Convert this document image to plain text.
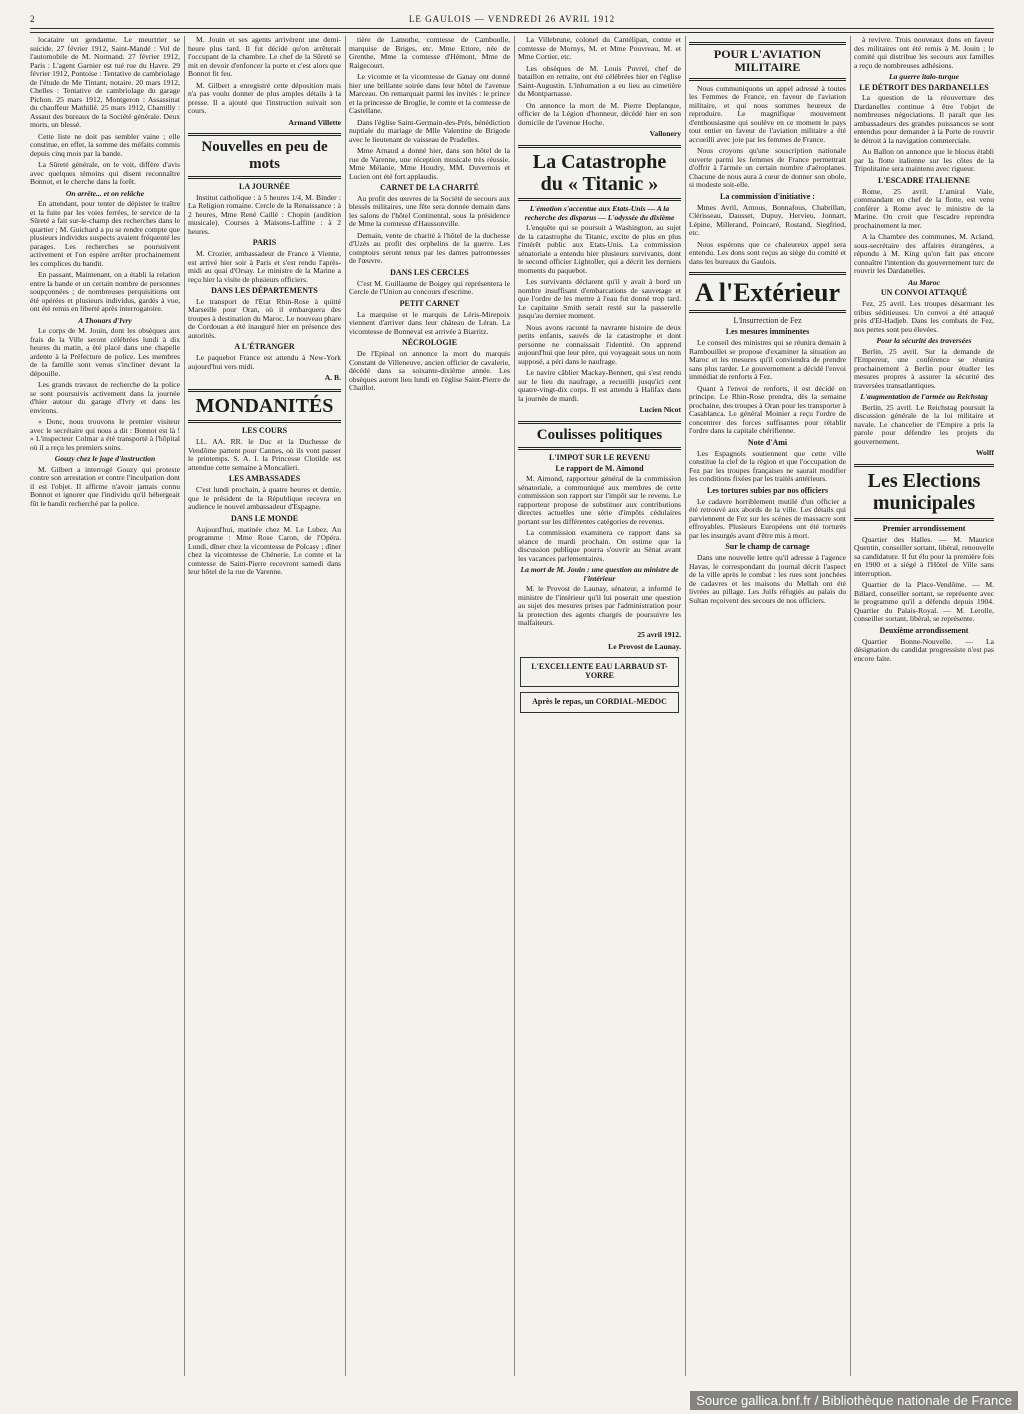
2	LE GAULOIS — VENDREDI 26 AVRIL 1912

locataire un gendarme. Le meurtrier se suicide. 27 février 1912, Saint-Mandé : Vol de l'automobile de M. Normand. 27 février 1912, Paris : L'agent Garnier est tué rue du Havre. 29 février 1912, Pontoise : Tentative de cambriolage de l'étude de Me Tintant, notaire. 20 mars 1912, Chelles : Tentative de cambriolage du garage Pichon. 25 mars 1912, Montgeron : Assassinat du chauffeur Mathillé. 25 mars 1912, Chantilly : Assaut des bureaux de la Société générale. Deux morts, un blessé.

Cette liste ne doit pas sembler vaine ; elle constitue, en effet, la somme des méfaits commis depuis cinq mois par la bande.

La Sûreté générale, on le voit, diffère d'avis avec quelques témoins qui disent reconnaître Bonnot, et le cherche dans la forêt.

On arrête... et on relâche

En attendant, pour tenter de dépister le traître et la fuite par les voies ferrées, le service de la Sûreté a fait sur-le-champ des recherches dans le quartier ; M. Guichard a pu se rendre compte que plusieurs individus suspects avaient fréquenté les parages. Les recherches se poursuivent activement et l'on espère arrêter prochainement les complices du bandit.

En passant, Maintenant, on a établi la relation entre la bande et un certain nombre de personnes soupçonnées ; de nombreuses perquisitions ont été opérées et plusieurs individus, gardés à vue, ont été remis en liberté après interrogatoire.

A Thouars d'Ivry

Le corps de M. Jouin, dont les obsèques aux frais de la Ville seront célébrées lundi à dix heures du matin, a été placé dans une chapelle ardente à la Préfecture de police. Les membres de la famille sont venus s'incliner devant la dépouille.

Les grands travaux de recherche de la police se sont poursuivis activement dans la journée d'hier autour du garage d'Ivry et dans les environs.

« Donc, nous trouvons le premier visiteur avec le secrétaire qui nous a dit : Bonnot est là ! » L'inspecteur Colmar a été transporté à l'hôpital où il a reçu les premiers soins.

Gouzy chez le juge d'instruction

M. Gilbert a interrogé Gouzy qui proteste contre son arrestation et contre l'inculpation dont il est l'objet. Il affirme n'avoir jamais connu Bonnot et ignorer que l'individu qu'il hébergeait fût le bandit recherché par la police.

M. Jouin et ses agents arrivèrent une demi-heure plus tard. Il fut décidé qu'on arrêterait l'occupant de la chambre. Le chef de la Sûreté se mit en devoir d'enfoncer la porte et c'est alors que Bonnot fit feu.

M. Gilbert a enregistré cette déposition mais n'a pas voulu donner de plus amples détails à la presse. Il a ajouté que l'instruction suivait son cours.

Armand Villette
Nouvelles en peu de mots
LA JOURNÉE

Institut catholique : à 5 heures 1/4, M. Binder : La Religion romaine. Cercle de la Renaissance : à 2 heures, Mme René Caillé : Chopin (audition musicale). Courses à Maisons-Laffitte : à 2 heures.

PARIS

M. Crozier, ambassadeur de France à Vienne, est arrivé hier soir à Paris et s'est rendu l'après-midi au quai d'Orsay. Le ministre de la Marine a reçu hier la visite de plusieurs officiers.

DANS LES DÉPARTEMENTS

Le transport de l'Etat Rhin-Rose à quitté Marseille pour Oran, où il embarquera des troupes à destination du Maroc. Le nouveau phare de Cordouan a été inauguré hier en présence des autorités.

A L'ÉTRANGER

Le paquebot France est attendu à New-York aujourd'hui vers midi.

A. B.
MONDANITÉS
LES COURS

LL. AA. RR. le Duc et la Duchesse de Vendôme partent pour Cannes, où ils vont passer le printemps. S. A. I. la Princesse Clotilde est attendue cette semaine à Moncalieri.

LES AMBASSADES

C'est lundi prochain, à quatre heures et demie, que le président de la République recevra en audience le nouvel ambassadeur d'Espagne.

DANS LE MONDE

Aujourd'hui, matinée chez M. Le Lubez. Au programme : Mme Rose Caron, de l'Opéra. Lundi, dîner chez la vicomtesse de Polcasy ; dîner chez la vicomtesse de Chénerie. Le comte et la comtesse de Saint-Pierre recevront samedi dans leur hôtel de la rue de Varenne.

tière de Lamothe, comtesse de Camboulle, marquise de Briges, etc. Mme Ettore, née de Grenthe, Mme la comtesse d'Hémont, Mme de Raigecourt.

Le vicomte et la vicomtesse de Ganay ont donné hier une brillante soirée dans leur hôtel de l'avenue Marceau. On remarquait parmi les invités : le prince et la princesse de Broglie, le comte et la comtesse de Castellane.

Dans l'église Saint-Germain-des-Prés, bénédiction nuptiale du mariage de Mlle Valentine de Brigode avec le lieutenant de vaisseau de Pradelles.

Mme Arnaud a donné hier, dans son hôtel de la rue de Varenne, une réception musicale très réussie. Mme Mélanie, Mme Houdry, MM. Duvernois et Lucien ont été fort applaudis.

CARNET DE LA CHARITÉ

Au profit des œuvres de la Société de secours aux blessés militaires, une fête sera donnée demain dans les salons de l'hôtel Continental, sous la présidence de Mme la comtesse d'Haussonville.

Demain, vente de charité à l'hôtel de la duchesse d'Uzès au profit des orphelins de la guerre. Les comptoirs seront tenus par les dames patronnesses de l'œuvre.

DANS LES CERCLES

C'est M. Guillaume de Boigey qui représentera le Cercle de l'Union au concours d'escrime.

PETIT CARNET

La marquise et le marquis de Léris-Mirepoix viennent d'arriver dans leur château de Léran. La vicomtesse de Bonneval est arrivée à Biarritz.

NÉCROLOGIE

De l'Epinal on annonce la mort du marquis Constant de Villeneuve, ancien officier de cavalerie, décédé dans sa soixante-dixième année. Les obsèques auront lieu lundi en l'église Saint-Pierre de Chaillot.

La Villebrune, colonel du Cantélipan, comte et comtesse de Mornys, M. et Mme Pouvreau, M. et Mme Cortier, etc.

Les obsèques de M. Louis Puvrel, chef de bataillon en retraite, ont été célébrées hier en l'église Saint-Augustin. L'inhumation a eu lieu au cimetière du Montparnasse.

On annonce la mort de M. Pierre Deplanque, officier de la Légion d'honneur, décédé hier en son domicile de l'avenue Hoche.

Vallonery
La Catastrophe
du « Titanic »

L'émotion s'accentue aux Etats-Unis — A la recherche des disparus — L'odyssée du dixième

L'enquête qui se poursuit à Washington, au sujet de la catastrophe du Titanic, excite de plus en plus l'intérêt public aux Etats-Unis. La commission sénatoriale a entendu hier plusieurs survivants, dont le second officier Lightoller, qui a décrit les derniers moments du paquebot.

Les survivants déclarent qu'il y avait à bord un nombre insuffisant d'embarcations de sauvetage et que l'ordre de les mettre à l'eau fut donné trop tard. Le capitaine Smith serait resté sur la passerelle jusqu'au dernier moment.

Nous avons raconté la navrante histoire de deux petits enfants, sauvés de la catastrophe et dont personne ne connaissait l'identité. On apprend aujourd'hui que leur père, qui voyageait sous un nom supposé, a péri dans le naufrage.

Le navire câblier Mackay-Bennett, qui s'est rendu sur le lieu du naufrage, a recueilli jusqu'ici cent quatre-vingt-dix corps. Il est attendu à Halifax dans la journée de mardi.

Lucien Nicot
Coulisses politiques
L'IMPOT SUR LE REVENU
Le rapport de M. Aimond

M. Aimond, rapporteur général de la commission sénatoriale, a communiqué aux membres de cette commission son rapport sur l'impôt sur le revenu. Le rapporteur propose de substituer aux contributions directes actuelles une série d'impôts cédulaires portant sur les différentes catégories de revenus.

La commission examinera ce rapport dans sa séance de mardi prochain. On estime que la discussion publique pourra s'ouvrir au Sénat avant les vacances parlementaires.

La mort de M. Jouin : une question au ministre de l'intérieur

M. le Provost de Launay, sénateur, a informé le ministre de l'intérieur qu'il lui poserait une question au sujet des mesures prises par l'administration pour la protection des agents chargés de poursuivre les malfaiteurs.

25 avril 1912.
Le Provost de Launay.
L'EXCELLENTE EAU LARBAUD ST-YORRE
Après le repas, un CORDIAL-MEDOC
POUR L'AVIATION MILITAIRE

Nous communiquons un appel adressé à toutes les Femmes de France, en faveur de l'aviation militaire, et qui nous sommes heureux de reproduire. Le magnifique mouvement d'enthousiasme qui soulève en ce moment le pays tout entier en faveur de l'aviation militaire a été accueilli avec joie par les femmes de France.

Nous croyons qu'une souscription nationale ouverte parmi les femmes de France permettrait d'offrir à l'armée un certain nombre d'aéroplanes. Chacune de nous aura à cœur de donner son obole, si modeste soit-elle.

La commission d'initiative :

Mmes Avril, Arnous, Bonnafous, Chabrillan, Clérisseau, Dausset, Dupuy, Hervieu, Jonnart, Lépine, Millerand, Poincaré, Rostand, Siegfried, etc.

Nous espérons que ce chaleureux appel sera entendu. Les dons sont reçus au siège du comité et dans les bureaux du Gaulois.

A l'Extérieur
L'Insurrection de Fez
Les mesures imminentes

Le conseil des ministres qui se réunira demain à Rambouillet se propose d'examiner la situation au Maroc et les mesures qu'il conviendra de prendre sans plus tarder. Le gouvernement a décidé l'envoi immédiat de renforts à Fez.

Quant à l'envoi de renforts, il est décidé en principe. Le Rhin-Rose prendra, dès la semaine prochaine, des troupes à Oran pour les transporter à Casablanca. Le général Moinier a reçu l'ordre de concentrer des forces suffisantes pour rétablir l'ordre dans la capitale chérifienne.

Note d'Ami

Les Espagnols soutiennent que cette ville constitue la clef de la région et que l'occupation de Fez par les troupes françaises ne saurait modifier les conditions fixées par les traités antérieurs.

Les tortures subies par nos officiers

Le cadavre horriblement mutilé d'un officier a été retrouvé aux abords de la ville. Les détails qui parviennent de Fez sur les scènes de massacre sont effroyables. Plusieurs Européens ont été torturés par les insurgés avant d'être mis à mort.

Sur le champ de carnage

Dans une nouvelle lettre qu'il adresse à l'agence Havas, le correspondant du journal décrit l'aspect de la ville après le combat : les rues sont jonchées de cadavres et les maisons du Mellah ont été livrées au pillage. Les Juifs réfugiés au palais du Sultan reçoivent des secours de nos officiers.

à revivre. Trois nouveaux dons en faveur des militaires ont été remis à M. Jouin ; le comité qui distribue les secours aux familles a reçu de nombreuses adhésions.

La guerre italo-turque

LE DÉTROIT DES DARDANELLES

La question de la réouverture des Dardanelles continue à être l'objet de nombreuses négociations. Il paraît que les ambassadeurs des grandes puissances se sont entendus pour demander à la Porte de rouvrir le détroit à la navigation commerciale.

Au Ballon on annonce que le blocus établi par la flotte italienne sur les côtes de la Tripolitaine sera maintenu avec rigueur.

L'ESCADRE ITALIENNE

Rome, 25 avril. L'amiral Viale, commandant en chef de la flotte, est venu conférer à Rome avec le ministre de la Marine. On croit que l'escadre reprendra prochainement la mer.

A la Chambre des communes, M. Acland, sous-secrétaire des affaires étrangères, a répondu à M. King qu'on fait pas encore connaître l'intention du gouvernement turc de rouvrir les Dardanelles.

Au Maroc

UN CONVOI ATTAQUÉ

Fez, 25 avril. Les troupes désarmant les tribus séditieuses. Un convoi a été attaqué près d'El-Hadjeb. Dans les combats de Fez, nos pertes sont peu élevées.

Pour la sécurité des traversées

Berlin, 25 avril. Sur la demande de l'Empereur, une conférence se réunira prochainement à Berlin pour étudier les mesures propres à assurer la sécurité des traversées transatlantiques.

L'augmentation de l'armée au Reichstag

Berlin, 25 avril. Le Reichstag poursuit la discussion générale de la loi militaire et navale. Le chancelier de l'Empire a pris la parole pour défendre les projets du gouvernement.

Wolff
Les Elections
municipales
Premier arrondissement

Quartier des Halles. — M. Maurice Quentin, conseiller sortant, libéral, renouvelle sa candidature. Il fut élu pour la première fois en 1900 et a siégé à l'Hôtel de Ville sans interruption.

Quartier de la Place-Vendôme. — M. Billard, conseiller sortant, se représente avec le programme qu'il a défendu depuis 1904. Quartier du Palais-Royal. — M. Lerolle, conseiller sortant, libéral, se représente.

Deuxième arrondissement

Quartier Bonne-Nouvelle. — La désignation du candidat progressiste n'est pas encore faite.

Source gallica.bnf.fr / Bibliothèque nationale de France
